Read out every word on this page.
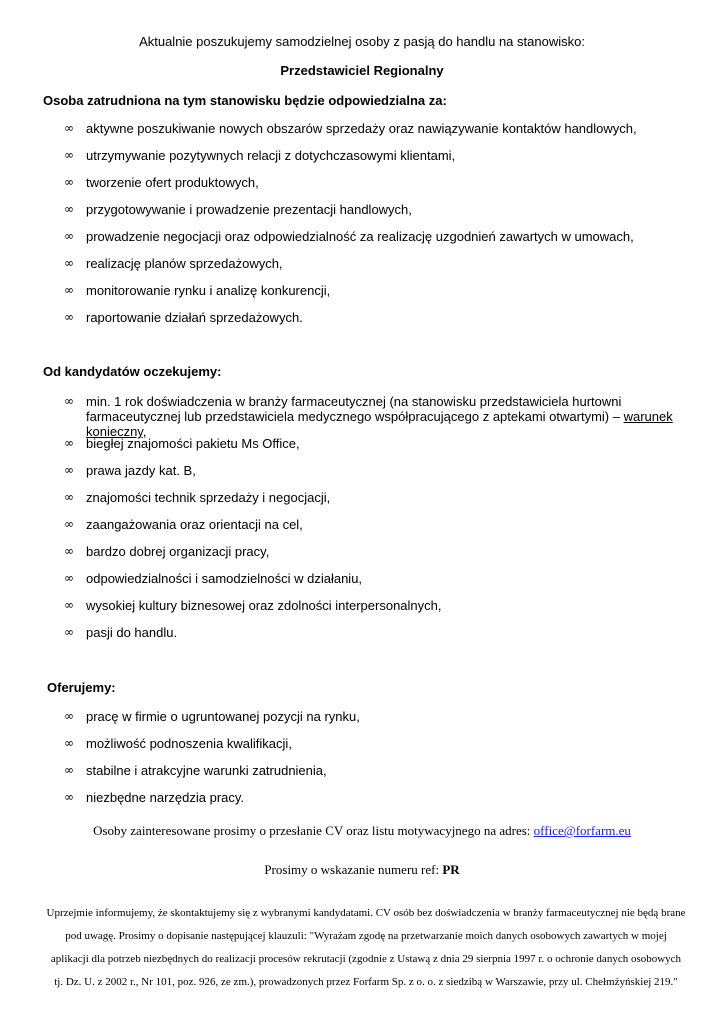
Aktualnie poszukujemy samodzielnej osoby z pasją do handlu na stanowisko:
Przedstawiciel Regionalny
Osoba zatrudniona na tym stanowisku będzie odpowiedzialna za:
∞ aktywne poszukiwanie nowych obszarów sprzedaży oraz nawiązywanie kontaktów handlowych,
∞ utrzymywanie pozytywnych relacji z dotychczasowymi klientami,
∞ tworzenie ofert produktowych,
∞ przygotowywanie i prowadzenie prezentacji handlowych,
∞ prowadzenie negocjacji oraz odpowiedzialność za realizację uzgodnień zawartych w umowach,
∞ realizację planów sprzedażowych,
∞ monitorowanie rynku i analizę konkurencji,
∞ raportowanie działań sprzedażowych.
Od kandydatów oczekujemy:
∞ min. 1 rok doświadczenia w branży farmaceutycznej (na stanowisku przedstawiciela hurtowni farmaceutycznej lub przedstawiciela medycznego współpracującego z aptekami otwartymi) – warunek konieczny,
∞ biegłej znajomości pakietu Ms Office,
∞ prawa jazdy kat. B,
∞ znajomości technik sprzedaży i negocjacji,
∞ zaangażowania oraz orientacji na cel,
∞ bardzo dobrej organizacji pracy,
∞ odpowiedzialności i samodzielności w działaniu,
∞ wysokiej kultury biznesowej oraz zdolności interpersonalnych,
∞ pasji do handlu.
Oferujemy:
∞ pracę w firmie o ugruntowanej pozycji na rynku,
∞ możliwość podnoszenia kwalifikacji,
∞ stabilne i atrakcyjne warunki zatrudnienia,
∞ niezbędne narzędzia pracy.
Osoby zainteresowane prosimy o przesłanie CV oraz listu motywacyjnego na adres: office@forfarm.eu
Prosimy o wskazanie numeru ref: PR
Uprzejmie informujemy, że skontaktujemy się z wybranymi kandydatami. CV osób bez doświadczenia w branży farmaceutycznej nie będą brane pod uwagę. Prosimy o dopisanie następującej klauzuli: "Wyrażam zgodę na przetwarzanie moich danych osobowych zawartych w mojej aplikacji dla potrzeb niezbędnych do realizacji procesów rekrutacji (zgodnie z Ustawą z dnia 29 sierpnia 1997 r. o ochronie danych osobowych tj. Dz. U. z 2002 r., Nr 101, poz. 926, ze zm.), prowadzonych przez Forfarm Sp. z o. o. z siedzibą w Warszawie, przy ul. Chełmżyńskiej 219."
